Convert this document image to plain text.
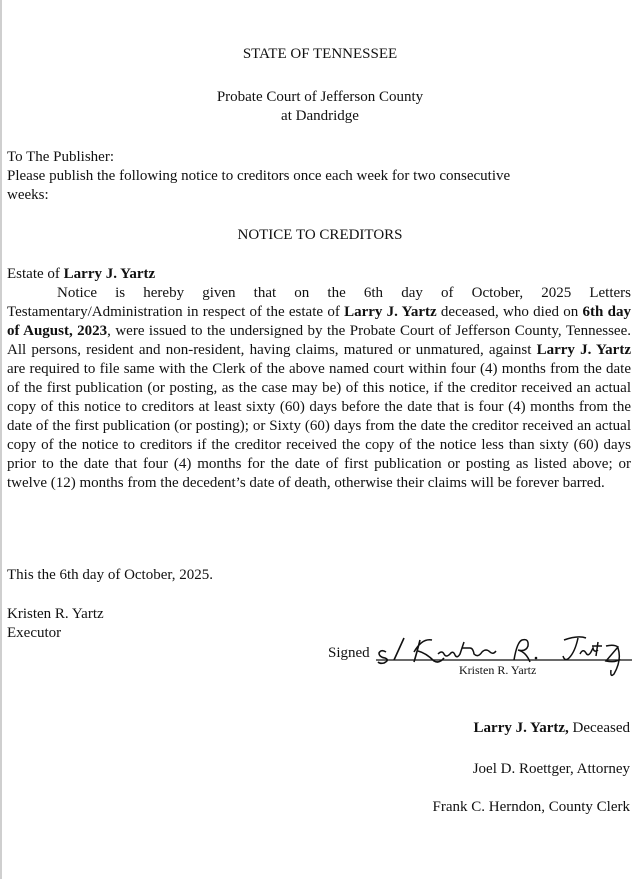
STATE OF TENNESSEE
Probate Court of Jefferson County
at Dandridge
To The Publisher:
Please publish the following notice to creditors once each week for two consecutive
weeks:
NOTICE TO CREDITORS
Estate of Larry J. Yartz
Notice is hereby given that on the 6th day of October, 2025 Letters Testamentary/Administration in respect of the estate of Larry J. Yartz deceased, who died on 6th day of August, 2023, were issued to the undersigned by the Probate Court of Jefferson County, Tennessee. All persons, resident and non-resident, having claims, matured or unmatured, against Larry J. Yartz are required to file same with the Clerk of the above named court within four (4) months from the date of the first publication (or posting, as the case may be) of this notice, if the creditor received an actual copy of this notice to creditors at least sixty (60) days before the date that is four (4) months from the date of the first publication (or posting); or Sixty (60) days from the date the creditor received an actual copy of the notice to creditors if the creditor received the copy of the notice less than sixty (60) days prior to the date that four (4) months for the date of first publication or posting as listed above; or twelve (12) months from the decedent’s date of death, otherwise their claims will be forever barred.
This the 6th day of October, 2025.
Kristen R. Yartz
Executor
Signed
Kristen R. Yartz
Larry J. Yartz, Deceased
Joel D. Roettger, Attorney
Frank C. Herndon, County Clerk
